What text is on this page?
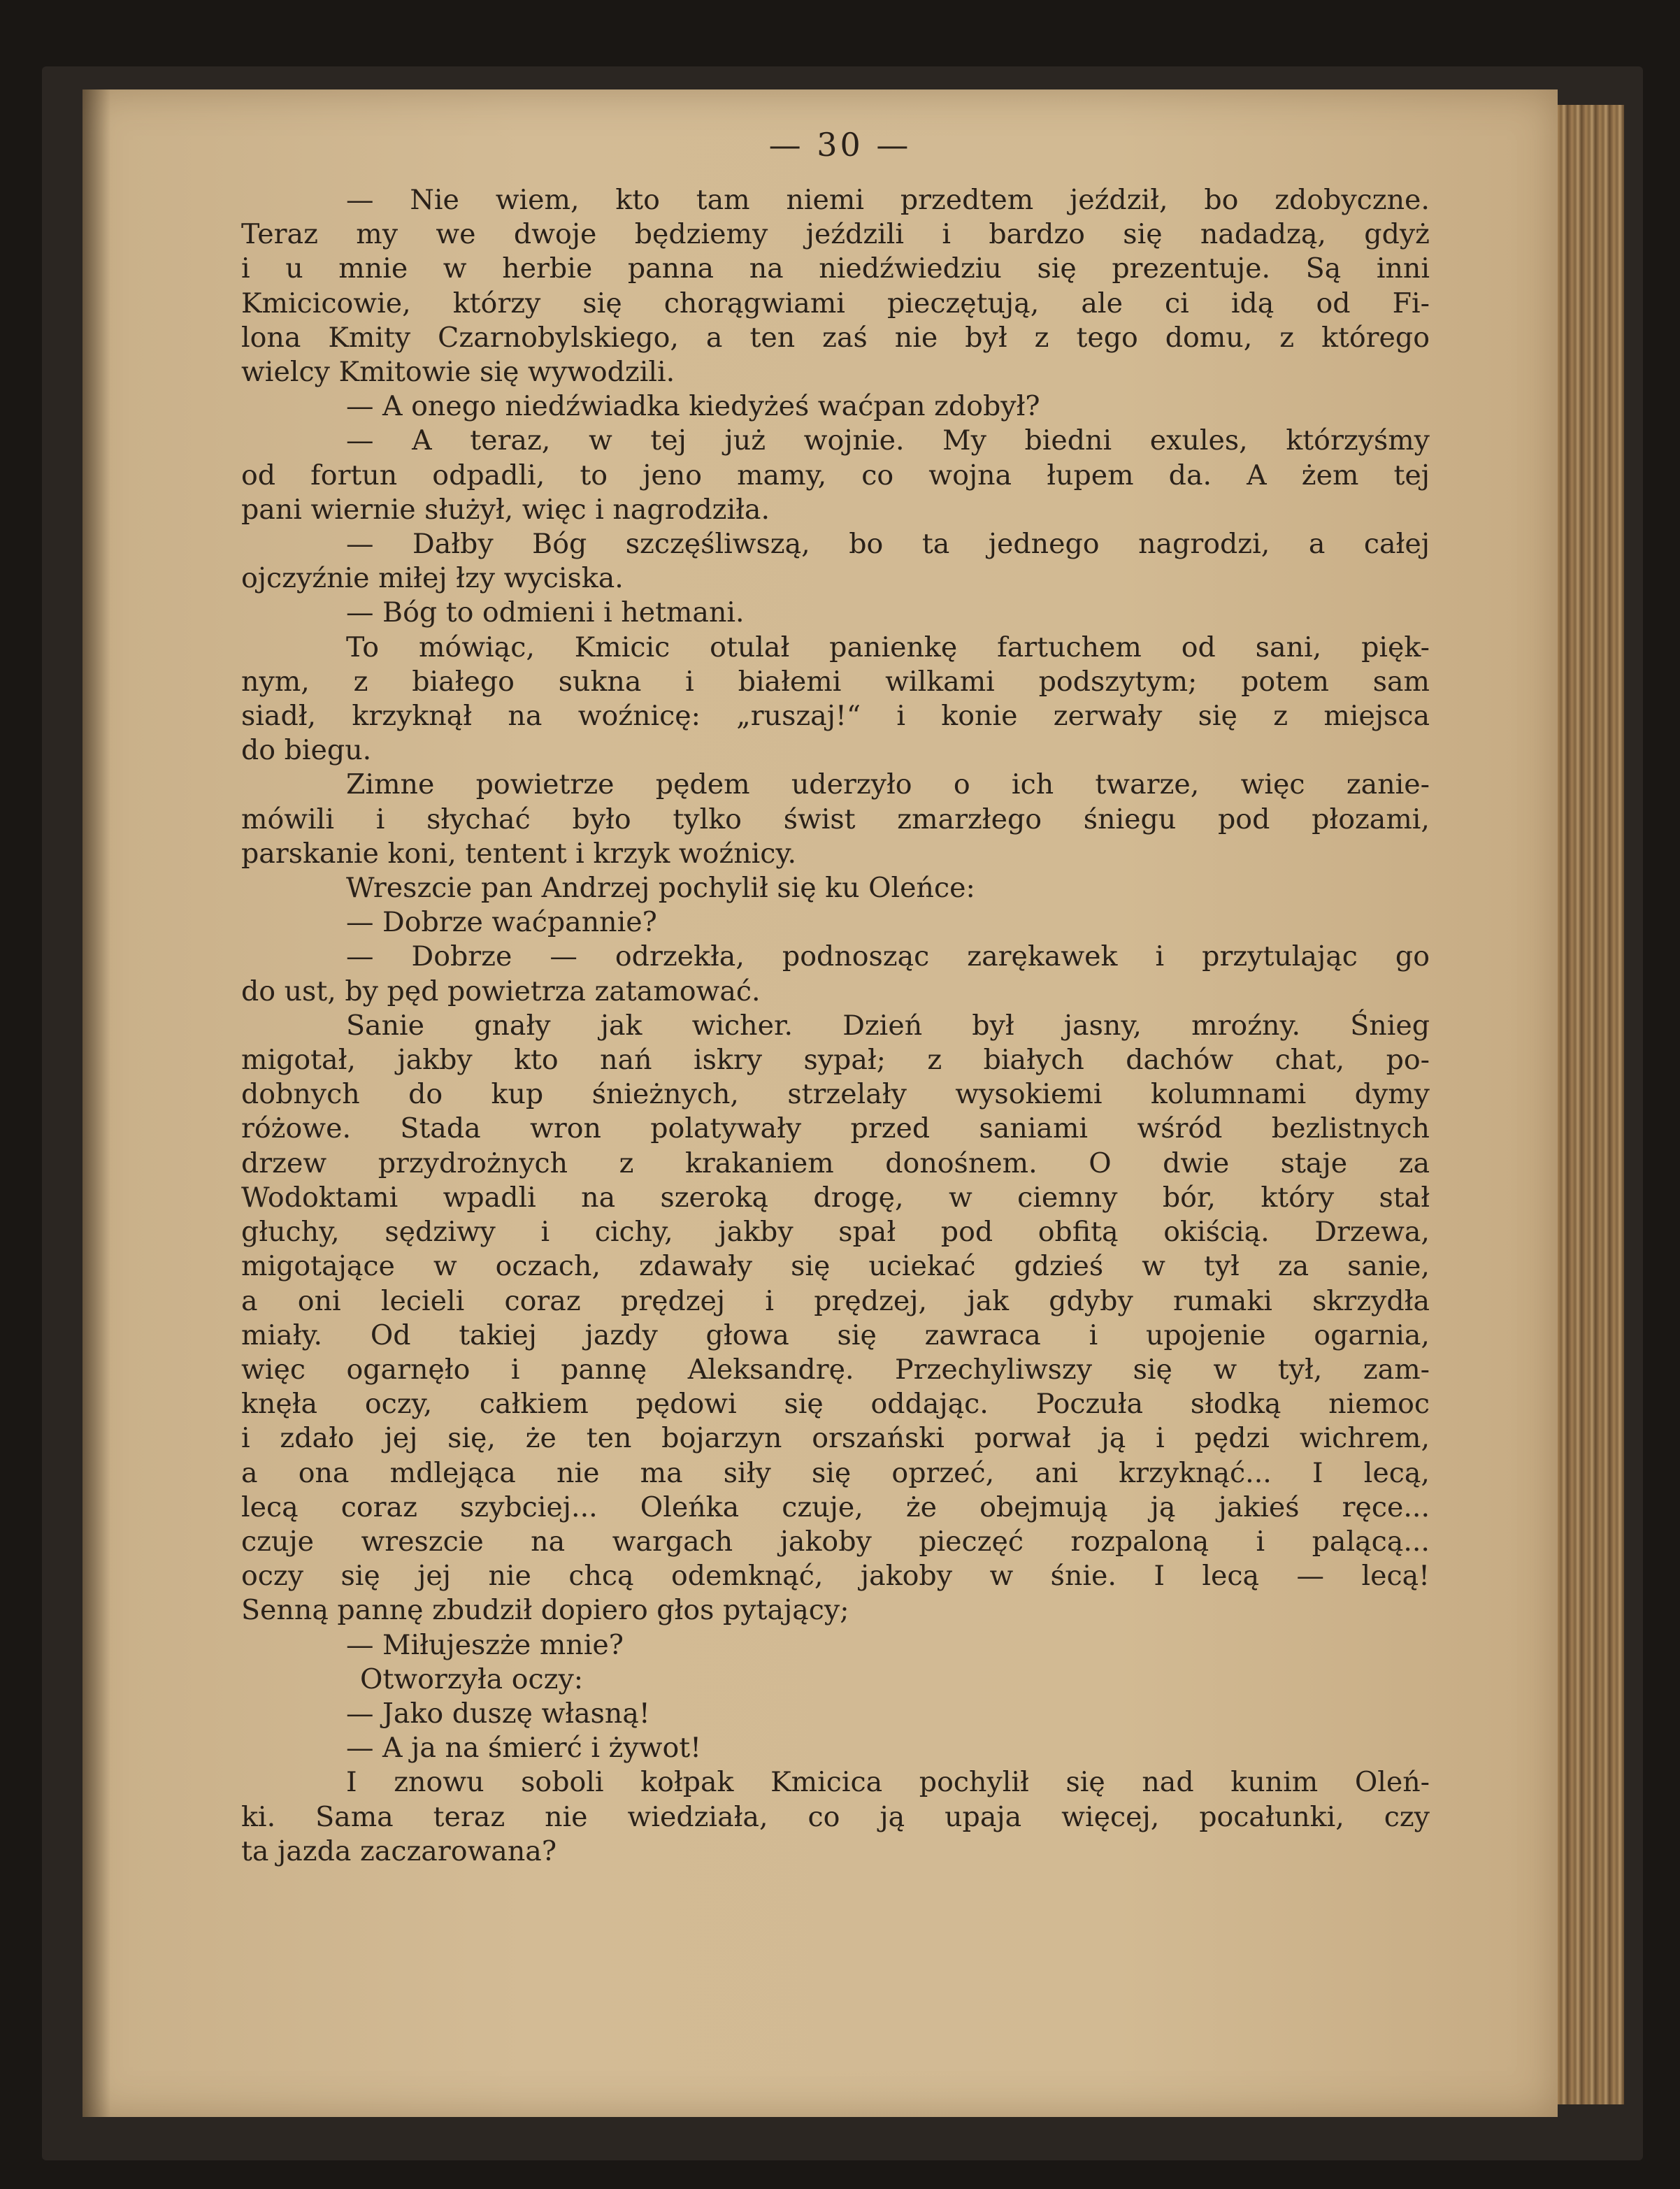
— 30 —
— Nie wiem, kto tam niemi przedtem jeździł, bo zdobyczne.
Teraz my we dwoje będziemy jeździli i bardzo się nadadzą, gdyż
i u mnie w herbie panna na niedźwiedziu się prezentuje. Są inni
Kmicicowie, którzy się chorągwiami pieczętują, ale ci idą od Fi-
lona Kmity Czarnobylskiego, a ten zaś nie był z tego domu, z którego
wielcy Kmitowie się wywodzili.
— A onego niedźwiadka kiedyżeś waćpan zdobył?
— A teraz, w tej już wojnie. My biedni exules, którzyśmy
od fortun odpadli, to jeno mamy, co wojna łupem da. A żem tej
pani wiernie służył, więc i nagrodziła.
— Dałby Bóg szczęśliwszą, bo ta jednego nagrodzi, a całej
ojczyźnie miłej łzy wyciska.
— Bóg to odmieni i hetmani.
To mówiąc, Kmicic otulał panienkę fartuchem od sani, pięk-
nym, z białego sukna i białemi wilkami podszytym; potem sam
siadł, krzyknął na woźnicę: „ruszaj!“ i konie zerwały się z miejsca
do biegu.
Zimne powietrze pędem uderzyło o ich twarze, więc zanie-
mówili i słychać było tylko świst zmarzłego śniegu pod płozami,
parskanie koni, tentent i krzyk woźnicy.
Wreszcie pan Andrzej pochylił się ku Oleńce:
— Dobrze waćpannie?
— Dobrze — odrzekła, podnosząc zarękawek i przytulając go
do ust, by pęd powietrza zatamować.
Sanie gnały jak wicher. Dzień był jasny, mroźny. Śnieg
migotał, jakby kto nań iskry sypał; z białych dachów chat, po-
dobnych do kup śnieżnych, strzelały wysokiemi kolumnami dymy
różowe. Stada wron polatywały przed saniami wśród bezlistnych
drzew przydrożnych z krakaniem donośnem. O dwie staje za
Wodoktami wpadli na szeroką drogę, w ciemny bór, który stał
głuchy, sędziwy i cichy, jakby spał pod obfitą okiścią. Drzewa,
migotające w oczach, zdawały się uciekać gdzieś w tył za sanie,
a oni lecieli coraz prędzej i prędzej, jak gdyby rumaki skrzydła
miały. Od takiej jazdy głowa się zawraca i upojenie ogarnia,
więc ogarnęło i pannę Aleksandrę. Przechyliwszy się w tył, zam-
knęła oczy, całkiem pędowi się oddając. Poczuła słodką niemoc
i zdało jej się, że ten bojarzyn orszański porwał ją i pędzi wichrem,
a ona mdlejąca nie ma siły się oprzeć, ani krzyknąć... I lecą,
lecą coraz szybciej... Oleńka czuje, że obejmują ją jakieś ręce...
czuje wreszcie na wargach jakoby pieczęć rozpaloną i palącą...
oczy się jej nie chcą odemknąć, jakoby w śnie. I lecą — lecą!
Senną pannę zbudził dopiero głos pytający;
— Miłujeszże mnie?
Otworzyła oczy:
— Jako duszę własną!
— A ja na śmierć i żywot!
I znowu soboli kołpak Kmicica pochylił się nad kunim Oleń-
ki. Sama teraz nie wiedziała, co ją upaja więcej, pocałunki, czy
ta jazda zaczarowana?
